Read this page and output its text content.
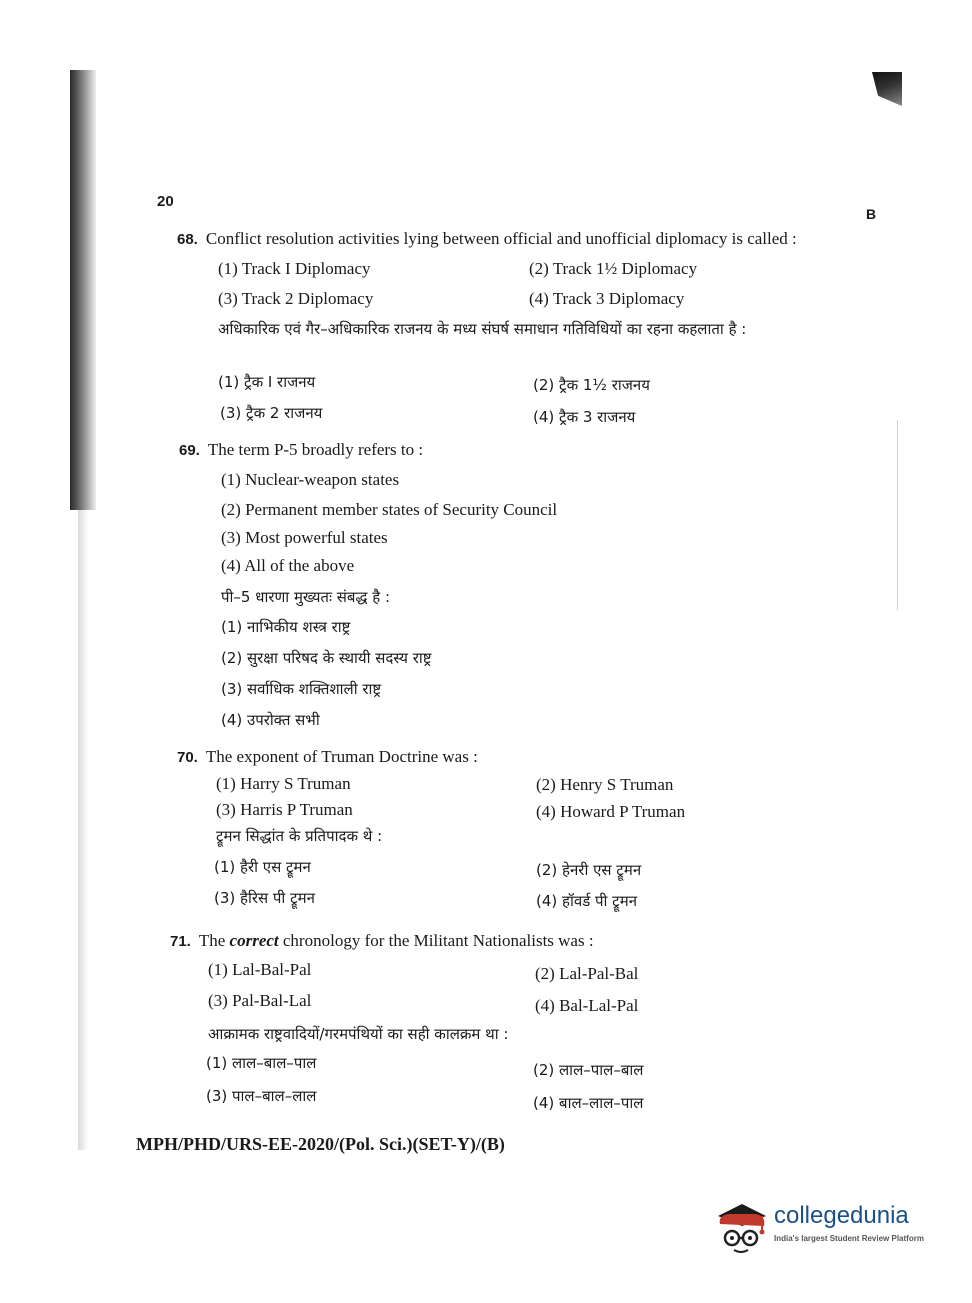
20
B
68. Conflict resolution activities lying between official and unofficial diplomacy is called :
(1) Track I Diplomacy	(2) Track 1½ Diplomacy
(3) Track 2 Diplomacy	(4) Track 3 Diplomacy
अधिकारिक एवं गैर–अधिकारिक राजनय के मध्य संघर्ष समाधान गतिविधियों का रहना कहलाता है :
(1) ट्रैक I राजनय	(2) ट्रैक 1½ राजनय
(3) ट्रैक 2 राजनय	(4) ट्रैक 3 राजनय
69. The term P-5 broadly refers to :
(1) Nuclear-weapon states
(2) Permanent member states of Security Council
(3) Most powerful states
(4) All of the above
पी–5 धारणा मुख्यतः संबद्ध है :
(1) नाभिकीय शस्त्र राष्ट्र
(2) सुरक्षा परिषद के स्थायी सदस्य राष्ट्र
(3) सर्वाधिक शक्तिशाली राष्ट्र
(4) उपरोक्त सभी
70. The exponent of Truman Doctrine was :
(1) Harry S Truman	(2) Henry S Truman
(3) Harris P Truman	(4) Howard P Truman
ट्रूमन सिद्धांत के प्रतिपादक थे :
(1) हैरी एस ट्रूमन	(2) हेनरी एस ट्रूमन
(3) हैरिस पी ट्रूमन	(4) हॉवर्ड पी ट्रूमन
71. The correct chronology for the Militant Nationalists was :
(1) Lal-Bal-Pal	(2) Lal-Pal-Bal
(3) Pal-Bal-Lal	(4) Bal-Lal-Pal
आक्रामक राष्ट्रवादियों/गरमपंथियों का सही कालक्रम था :
(1) लाल–बाल–पाल	(2) लाल–पाल–बाल
(3) पाल–बाल–लाल	(4) बाल–लाल–पाल
MPH/PHD/URS-EE-2020/(Pol. Sci.)(SET-Y)/(B)
collegedunia
India's largest Student Review Platform
